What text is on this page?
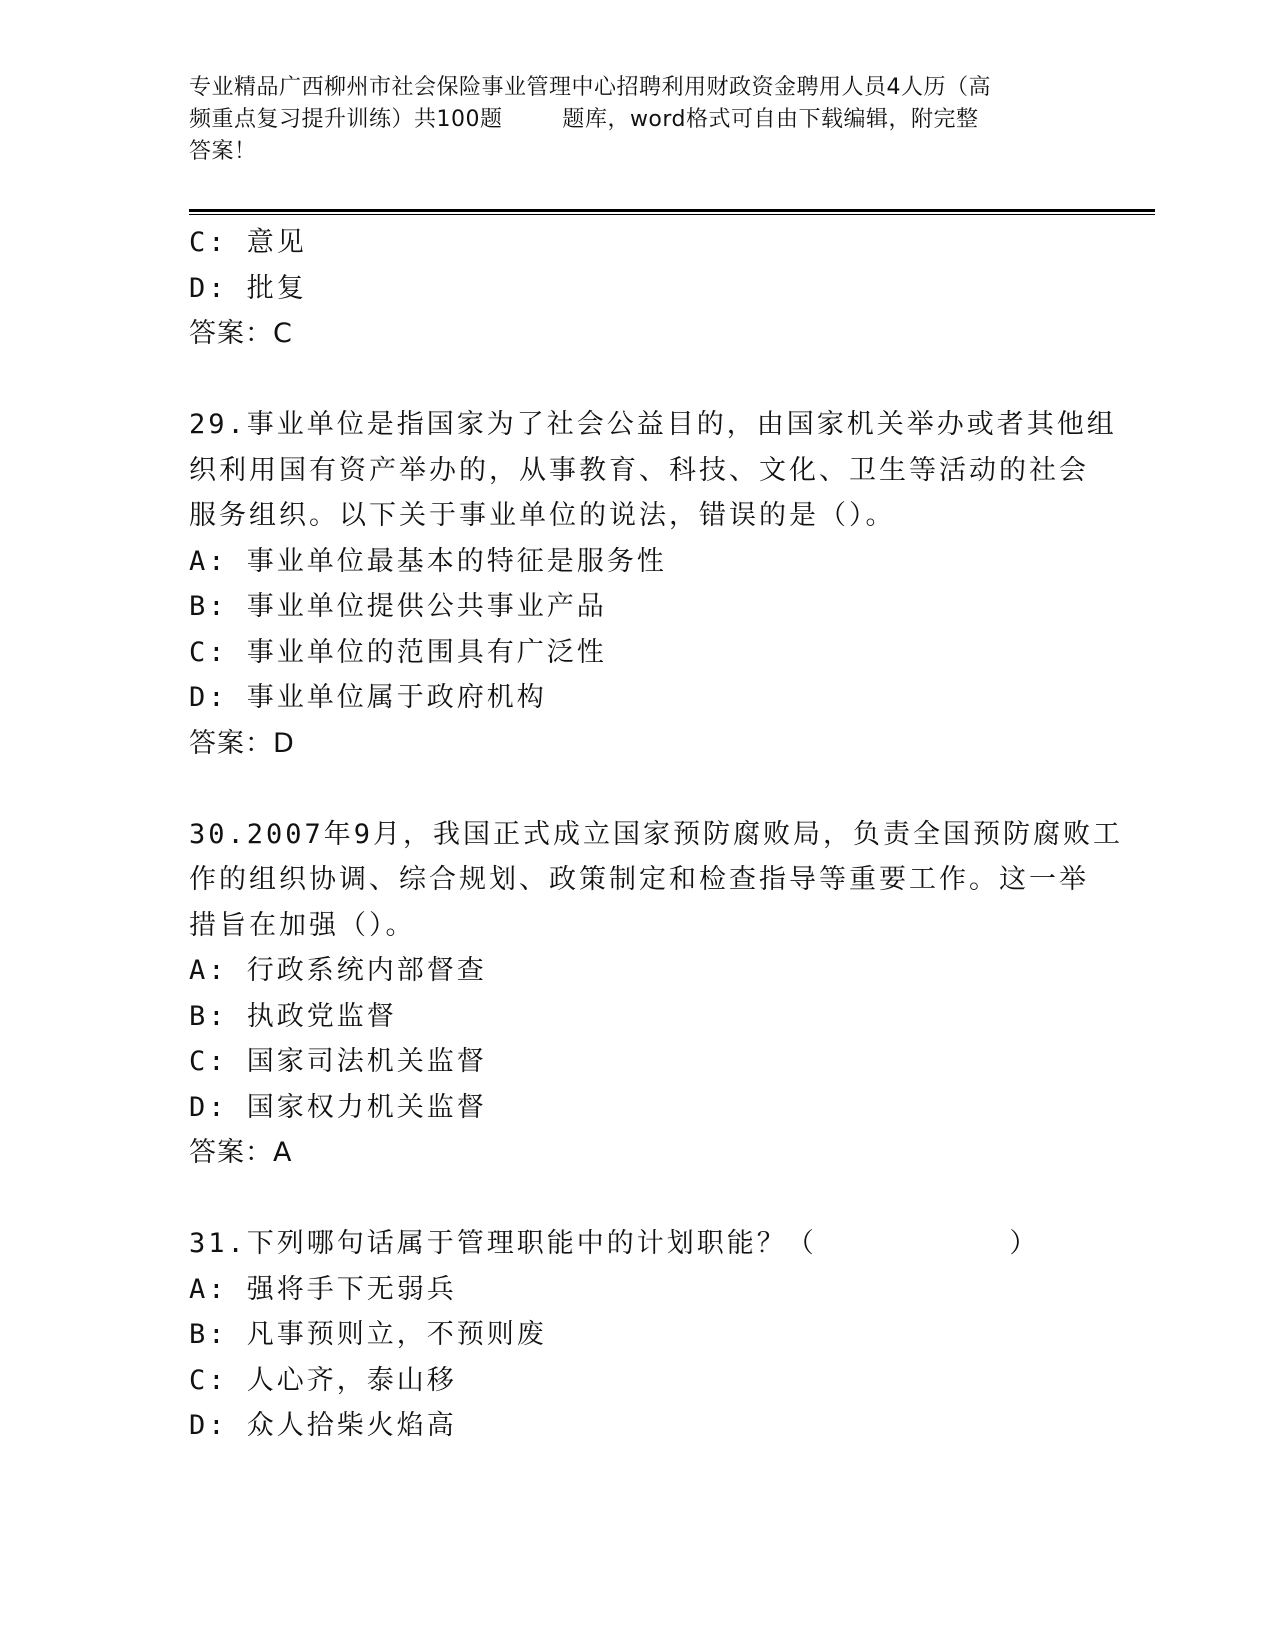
专业精品广西柳州市社会保险事业管理中心招聘利用财政资金聘用人员4人历（高
频重点复习提升训练）共100题        题库，word格式可自由下载编辑，附完整
答案！
C: 意见
D: 批复
答案：C
29.事业单位是指国家为了社会公益目的，由国家机关举办或者其他组
织利用国有资产举办的，从事教育、科技、文化、卫生等活动的社会
服务组织。以下关于事业单位的说法，错误的是（）。
A: 事业单位最基本的特征是服务性
B: 事业单位提供公共事业产品
C: 事业单位的范围具有广泛性
D: 事业单位属于政府机构
答案：D
30.2007年9月，我国正式成立国家预防腐败局，负责全国预防腐败工
作的组织协调、综合规划、政策制定和检查指导等重要工作。这一举
措旨在加强（）。
A: 行政系统内部督查
B: 执政党监督
C: 国家司法机关监督
D: 国家权力机关监督
答案：A
31.下列哪句话属于管理职能中的计划职能？（          ）
A: 强将手下无弱兵
B: 凡事预则立，不预则废
C: 人心齐，泰山移
D: 众人拾柴火焰高
